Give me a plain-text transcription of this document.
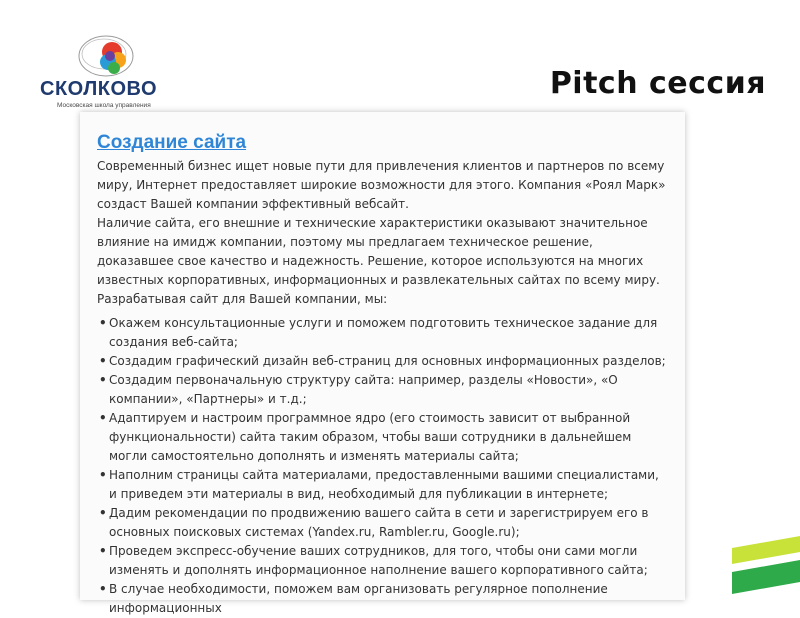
СКОЛКОВО
Московская школа управления
Pitch сессия
Создание сайта

Современный бизнес ищет новые пути для привлечения клиентов и партнеров по всему миру, Интернет предоставляет широкие возможности для этого. Компания «Роял Марк» создаст Вашей компании эффективный вебсайт.

Наличие сайта, его внешние и технические характеристики оказывают значительное влияние на имидж компании, поэтому мы предлагаем техническое решение, доказавшее свое качество и надежность. Решение, которое используются на многих известных корпоративных, информационных и развлекательных сайтах по всему миру.

Разрабатывая сайт для Вашей компании, мы:

• Окажем консультационные услуги и поможем подготовить техническое задание для создания веб-сайта;
• Создадим графический дизайн веб-страниц для основных информационных разделов;
• Создадим первоначальную структуру сайта: например, разделы «Новости», «О компании», «Партнеры» и т.д.;
• Адаптируем и настроим программное ядро (его стоимость зависит от выбранной функциональности) сайта таким образом, чтобы ваши сотрудники в дальнейшем могли самостоятельно дополнять и изменять материалы сайта;
• Наполним страницы сайта материалами, предоставленными вашими специалистами, и приведем эти материалы в вид, необходимый для публикации в интернете;
• Дадим рекомендации по продвижению вашего сайта в сети и зарегистрируем его в основных поисковых системах (Yandex.ru, Rambler.ru, Google.ru);
• Проведем экспресс-обучение ваших сотрудников, для того, чтобы они сами могли изменять и дополнять информационное наполнение вашего корпоративного сайта;
• В случае необходимости, поможем вам организовать регулярное пополнение информационных
